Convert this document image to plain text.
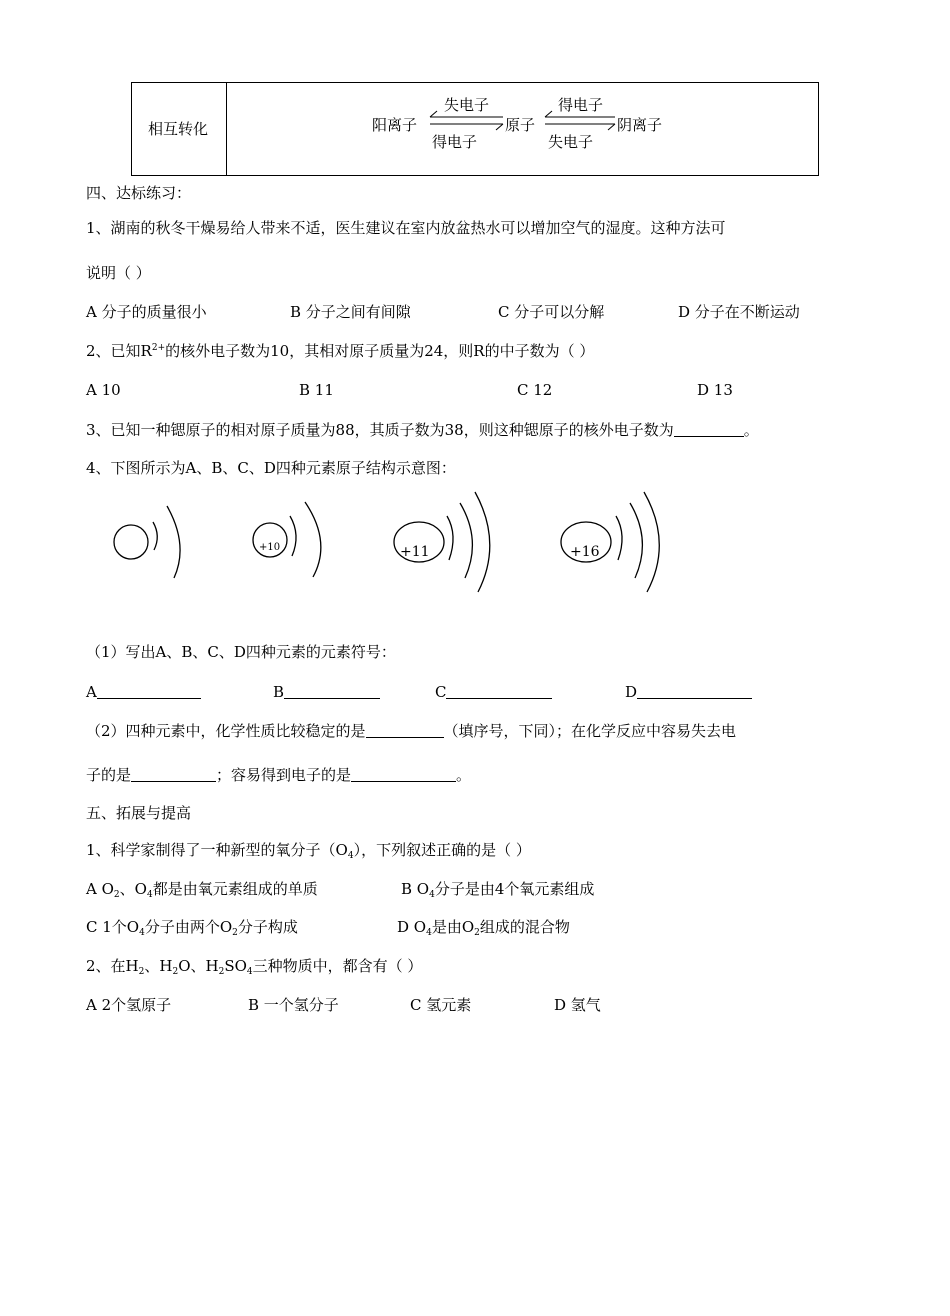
相互转化	阳离子
失电子
得电子
原子
得电子
失电子
阴离子
四、达标练习：
1、湖南的秋冬干燥易给人带来不适，医生建议在室内放盆热水可以增加空气的湿度。这种方法可
说明（ ）
A 分子的质量很小	B 分子之间有间隙	C 分子可以分解	D 分子在不断运动
2、已知$R^{2+}$的核外电子数为10，其相对原子质量为24，则R的中子数为（ ）
A 10	B 11	C 12	D 13
3、已知一种锶原子的相对原子质量为88，其质子数为38，则这种锶原子的核外电子数为	。
4、下图所示为A、B、C、D四种元素原子结构示意图：
+10	+11	+16
（1）写出A、B、C、D四种元素的元素符号：
A	B	C	D
（2）四种元素中，化学性质比较稳定的是	（填序号，下同）；在化学反应中容易失去电
子的是	；容易得到电子的是	。
五、拓展与提高
1、科学家制得了一种新型的氧分子$(O_4)$，下列叙述正确的是（ ）
A $O_2$、$O_4$都是由氧元素组成的单质	B $O_4$分子是由4个氧元素组成
C 1个$O_4$分子由两个$O_2$分子构成	D $O_4$是由$O_2$组成的混合物
2、在$H_2$、$H_2O$、$H_2SO_4$三种物质中，都含有（ ）
A 2个氢原子	B 一个氢分子	C 氢元素	D 氢气
